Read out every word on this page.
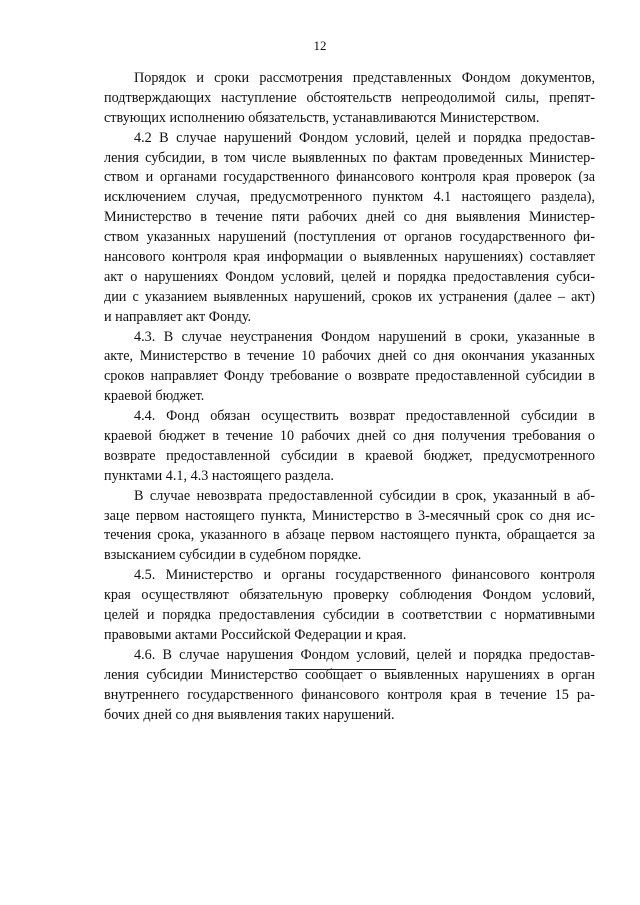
12
Порядок и сроки рассмотрения представленных Фондом документов,
подтверждающих наступление обстоятельств непреодолимой силы, препят-
ствующих исполнению обязательств, устанавливаются Министерством.
4.2 В случае нарушений Фондом условий, целей и порядка предостав-
ления субсидии, в том числе выявленных по фактам проведенных Министер-
ством и органами государственного финансового контроля края проверок (за
исключением случая, предусмотренного пунктом 4.1 настоящего раздела),
Министерство в течение пяти рабочих дней со дня выявления Министер-
ством указанных нарушений (поступления от органов государственного фи-
нансового контроля края информации о выявленных нарушениях) составляет
акт о нарушениях Фондом условий, целей и порядка предоставления субси-
дии с указанием выявленных нарушений, сроков их устранения (далее – акт)
и направляет акт Фонду.
4.3. В случае неустранения Фондом нарушений в сроки, указанные в
акте, Министерство в течение 10 рабочих дней со дня окончания указанных
сроков направляет Фонду требование о возврате предоставленной субсидии в
краевой бюджет.
4.4. Фонд обязан осуществить возврат предоставленной субсидии в
краевой бюджет в течение 10 рабочих дней со дня получения требования о
возврате предоставленной субсидии в краевой бюджет, предусмотренного
пунктами 4.1, 4.3 настоящего раздела.
В случае невозврата предоставленной субсидии в срок, указанный в аб-
заце первом настоящего пункта, Министерство в 3-месячный срок со дня ис-
течения срока, указанного в абзаце первом настоящего пункта, обращается за
взысканием субсидии в судебном порядке.
4.5. Министерство и органы государственного финансового контроля
края осуществляют обязательную проверку соблюдения Фондом условий,
целей и порядка предоставления субсидии в соответствии с нормативными
правовыми актами Российской Федерации и края.
4.6. В случае нарушения Фондом условий, целей и порядка предостав-
ления субсидии Министерство сообщает о выявленных нарушениях в орган
внутреннего государственного финансового контроля края в течение 15 ра-
бочих дней со дня выявления таких нарушений.
